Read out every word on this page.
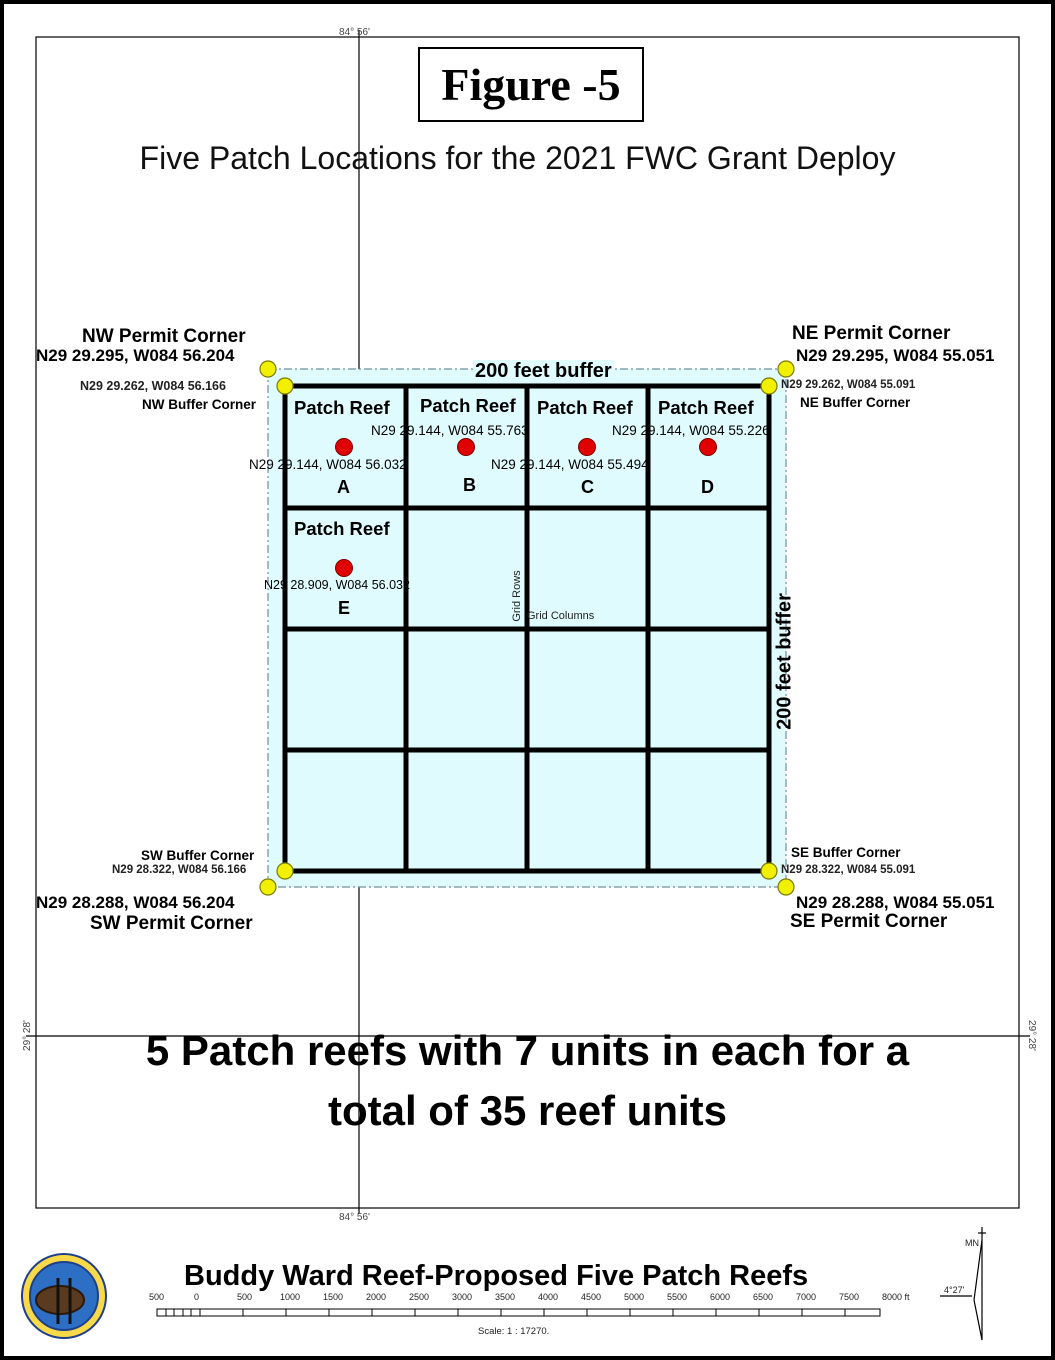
Figure -5
Five Patch Locations for the 2021 FWC Grant Deploy
84° 56'
84° 56'
29° 28'	29° 28'
NW Permit Corner
N29 29.295, W084 56.204
NE Permit Corner
N29 29.295, W084 55.051
N29 28.288, W084 56.204
SW Permit Corner
N29 28.288, W084 55.051
SE Permit Corner
N29 29.262, W084 56.166
NW Buffer Corner
N29 29.262, W084 55.091
NE Buffer Corner
SW Buffer Corner
N29 28.322, W084 56.166
SE Buffer Corner
N29 28.322, W084 55.091
200 feet buffer
200 feet buffer
Grid Rows Grid Columns
Patch Reef
N29 29.144, W084 56.032
A
Patch Reef
N29 29.144, W084 55.763
B
Patch Reef
N29 29.144, W084 55.494
C
Patch Reef
N29 29.144, W084 55.226
D
Patch Reef
N29 28.909, W084 56.032
E
5 Patch reefs with 7 units in each for a
total of 35 reef units
Buddy Ward Reef-Proposed Five Patch Reefs
500	0	500	1000	1500	2000	2500	3000	3500	4000	4500	5000	5500	6000	6500	7000	7500	8000 ft
Scale: 1 : 17270.
MN
4°27'
